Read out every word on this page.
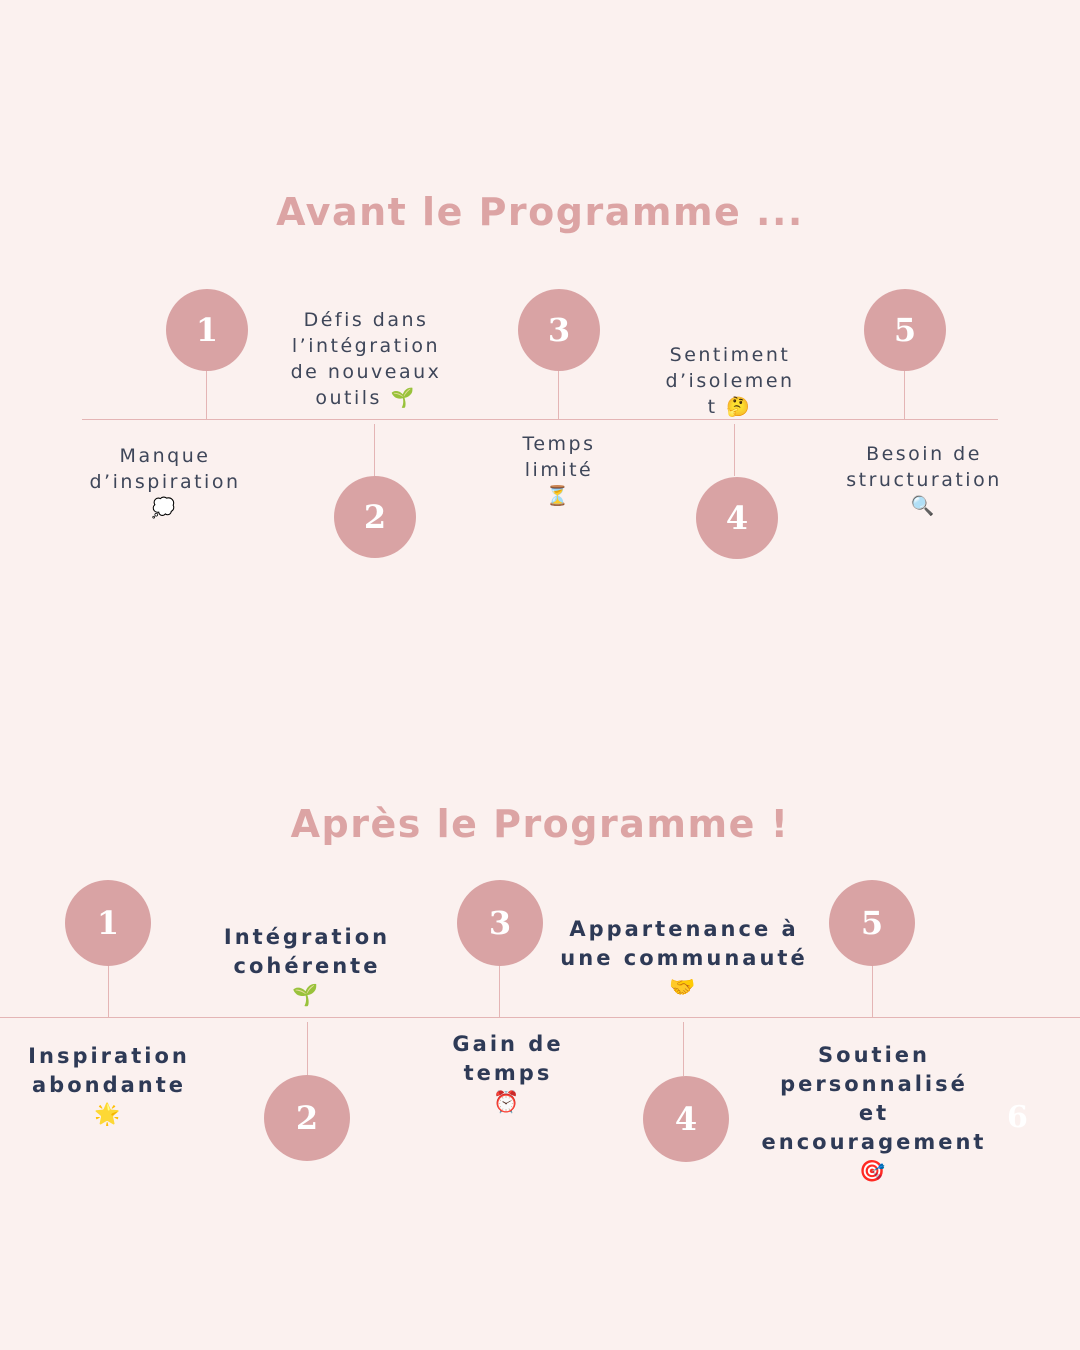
Avant le Programme ...
1
2
3
4
5
Manque
d’inspiration
💭
Défis dans
l’intégration
de nouveaux
outils 🌱
Temps
limité
⏳
Sentiment
d’isolemen
t 🤔
Besoin de
structuration
🔍
Après le Programme !
1
2
3
4
5
Inspiration
abondante
🌟
Intégration
cohérente
🌱
Gain de
temps
⏰
Appartenance à
une communauté
🤝
Soutien
personnalisé et
encouragement 🎯
6
